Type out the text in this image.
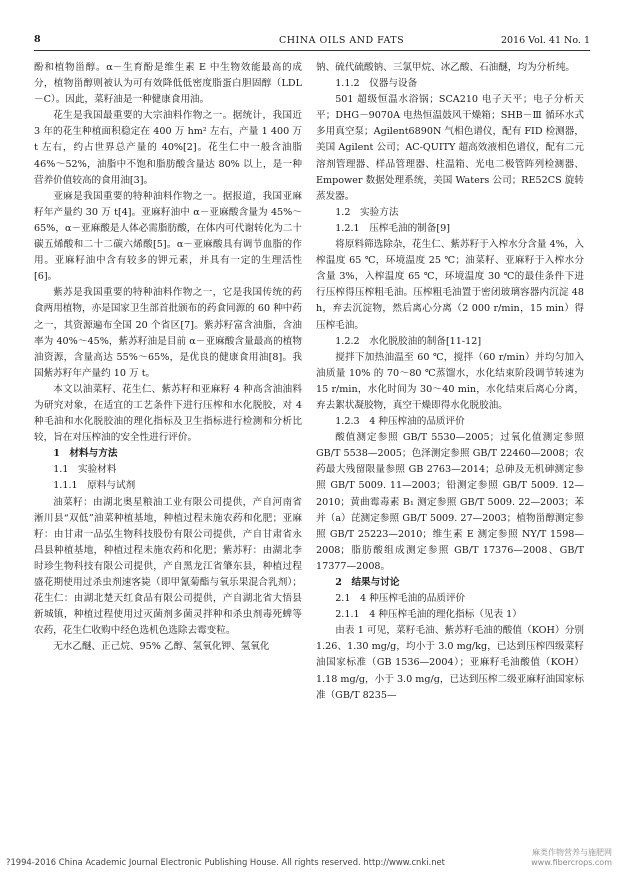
8	CHINA OILS AND FATS	2016 Vol. 41 No. 1

酚和植物甾醇。α－生育酚是维生素 E 中生物效能最高的成分，植物甾醇则被认为可有效降低低密度脂蛋白胆固醇（LDL－C）。因此，菜籽油是一种健康食用油。

花生是我国最重要的大宗油料作物之一。据统计，我国近 3 年的花生种植面积稳定在 400 万 hm² 左右，产量 1 400 万 t 左右，约占世界总产量的 40%[2]。花生仁中一般含油脂 46%～52%，油脂中不饱和脂肪酸含量达 80% 以上，是一种营养价值较高的食用油[3]。

亚麻是我国重要的特种油料作物之一。据报道，我国亚麻籽年产量约 30 万 t[4]。亚麻籽油中 α－亚麻酸含量为 45%～65%，α－亚麻酸是人体必需脂肪酸，在体内可代谢转化为二十碳五烯酸和二十二碳六烯酸[5]。α－亚麻酸具有调节血脂的作用。亚麻籽油中含有较多的钾元素，并具有一定的生理活性[6]。

紫苏是我国重要的特种油料作物之一，它是我国传统的药食两用植物，亦是国家卫生部首批颁布的药食同源的 60 种中药之一，其资源遍布全国 20 个省区[7]。紫苏籽富含油脂，含油率为 40%～45%，紫苏籽油是目前 α－亚麻酸含量最高的植物油资源，含量高达 55%～65%，是优良的健康食用油[8]。我国紫苏籽年产量约 10 万 t。

本文以油菜籽、花生仁、紫苏籽和亚麻籽 4 种高含油油料为研究对象，在适宜的工艺条件下进行压榨和水化脱胶，对 4 种毛油和水化脱胶油的理化指标及卫生指标进行检测和分析比较，旨在对压榨油的安全性进行评价。

1　材料与方法

1.1　实验材料

1.1.1　原料与试剂

油菜籽：由湖北奥星粮油工业有限公司提供，产自河南省淅川县“双低”油菜种植基地，种植过程未施农药和化肥；亚麻籽：由甘肃一品弘生物科技股份有限公司提供，产自甘肃省永昌县种植基地，种植过程未施农药和化肥；紫苏籽：由湖北李时珍生物科技有限公司提供，产自黑龙江省肇东县，种植过程盛花期使用过杀虫剂速客毙（即甲氰菊酯与氧乐果混合乳剂）；花生仁：由湖北楚天红食品有限公司提供，产自湖北省大悟县新城镇，种植过程使用过灭菌剂多菌灵拌种和杀虫剂毒死蜱等农药，花生仁收购中经色选机色选除去霉变粒。

无水乙醚、正己烷、95% 乙醇、氢氧化钾、氢氧化

钠、硫代硫酸钠、三氯甲烷、冰乙酸、石油醚，均为分析纯。

1.1.2　仪器与设备

501 超级恒温水浴锅；SCA210 电子天平；电子分析天平；DHG－9070A 电热恒温鼓风干燥箱；SHB－Ⅲ 循环水式多用真空泵；Agilent6890N 气相色谱仪，配有 FID 检测器，美国 Agilent 公司；AC-QUITY 超高效液相色谱仪，配有二元溶剂管理器、样品管理器、柱温箱、光电二极管阵列检测器、Empower 数据处理系统，美国 Waters 公司；RE52CS 旋转蒸发器。

1.2　实验方法

1.2.1　压榨毛油的制备[9]

将原料筛选除杂，花生仁、紫苏籽于入榨水分含量 4%，入榨温度 65 ℃，环境温度 25 ℃；油菜籽、亚麻籽于入榨水分含量 3%，入榨温度 65 ℃，环境温度 30 ℃的最佳条件下进行压榨得压榨粗毛油。压榨粗毛油置于密闭玻璃容器内沉淀 48 h，弃去沉淀物，然后离心分离（2 000 r/min，15 min）得压榨毛油。

1.2.2　水化脱胶油的制备[11-12]

搅拌下加热油温至 60 ℃，搅拌（60 r/min）并均匀加入油质量 10% 的 70～80 ℃蒸馏水，水化结束阶段调节转速为 15 r/min，水化时间为 30～40 min，水化结束后离心分离，弃去絮状凝胶物，真空干燥即得水化脱胶油。

1.2.3　4 种压榨油的品质评价

酸值测定参照 GB/T 5530—2005；过氧化值测定参照 GB/T 5538—2005；色泽测定参照 GB/T 22460—2008；农药最大残留限量参照 GB 2763—2014；总砷及无机砷测定参照 GB/T 5009. 11—2003；铅测定参照 GB/T 5009. 12—2010；黄曲霉毒素 B₁ 测定参照 GB/T 5009. 22—2003；苯并（a）芘测定参照 GB/T 5009. 27—2003；植物甾醇测定参照 GB/T 25223—2010；维生素 E 测定参照 NY/T 1598—2008；脂肪酸组成测定参照 GB/T 17376—2008、GB/T 17377—2008。

2　结果与讨论

2.1　4 种压榨毛油的品质评价

2.1.1　4 种压榨毛油的理化指标（见表 1）

由表 1 可见，菜籽毛油、紫苏籽毛油的酸值（KOH）分别 1.26、1.30 mg/g，均小于 3.0 mg/kg，已达到压榨四级菜籽油国家标准（GB 1536—2004）；亚麻籽毛油酸值（KOH）1.18 mg/g，小于 3.0 mg/g，已达到压榨二级亚麻籽油国家标准（GB/T 8235—

?1994-2016 China Academic Journal Electronic Publishing House. All rights reserved. http://www.cnki.net
麻类作物营养与施肥网
www.fibercrops.com
